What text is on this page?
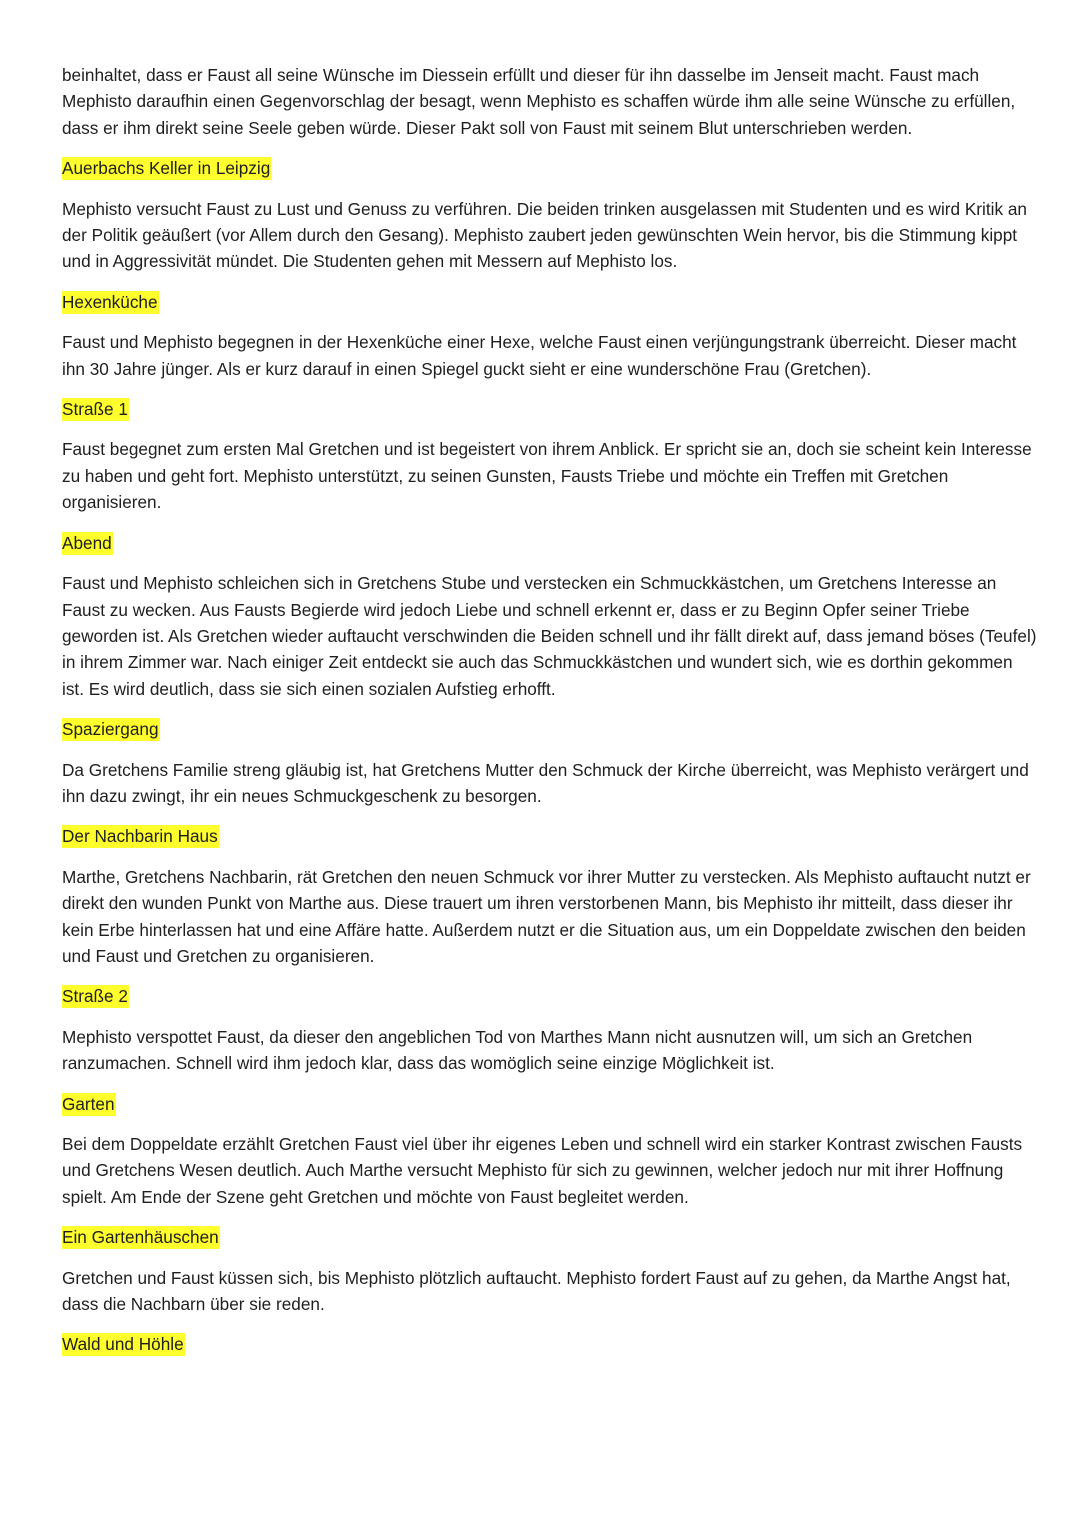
beinhaltet, dass er Faust all seine Wünsche im Diessein erfüllt und dieser für ihn dasselbe im Jenseit macht. Faust mach Mephisto daraufhin einen Gegenvorschlag der besagt, wenn Mephisto es schaffen würde ihm alle seine Wünsche zu erfüllen, dass er ihm direkt seine Seele geben würde. Dieser Pakt soll von Faust mit seinem Blut unterschrieben werden.

Auerbachs Keller in Leipzig

Mephisto versucht Faust zu Lust und Genuss zu verführen. Die beiden trinken ausgelassen mit Studenten und es wird Kritik an der Politik geäußert (vor Allem durch den Gesang). Mephisto zaubert jeden gewünschten Wein hervor, bis die Stimmung kippt und in Aggressivität mündet. Die Studenten gehen mit Messern auf Mephisto los.

Hexenküche

Faust und Mephisto begegnen in der Hexenküche einer Hexe, welche Faust einen verjüngungstrank überreicht. Dieser macht ihn 30 Jahre jünger. Als er kurz darauf in einen Spiegel guckt sieht er eine wunderschöne Frau (Gretchen).

Straße 1

Faust begegnet zum ersten Mal Gretchen und ist begeistert von ihrem Anblick. Er spricht sie an, doch sie scheint kein Interesse zu haben und geht fort. Mephisto unterstützt, zu seinen Gunsten, Fausts Triebe und möchte ein Treffen mit Gretchen organisieren.

Abend

Faust und Mephisto schleichen sich in Gretchens Stube und verstecken ein Schmuckkästchen, um Gretchens Interesse an Faust zu wecken. Aus Fausts Begierde wird jedoch Liebe und schnell erkennt er, dass er zu Beginn Opfer seiner Triebe geworden ist. Als Gretchen wieder auftaucht verschwinden die Beiden schnell und ihr fällt direkt auf, dass jemand böses (Teufel) in ihrem Zimmer war. Nach einiger Zeit entdeckt sie auch das Schmuckkästchen und wundert sich, wie es dorthin gekommen ist. Es wird deutlich, dass sie sich einen sozialen Aufstieg erhofft.

Spaziergang

Da Gretchens Familie streng gläubig ist, hat Gretchens Mutter den Schmuck der Kirche überreicht, was Mephisto verärgert und ihn dazu zwingt, ihr ein neues Schmuckgeschenk zu besorgen.

Der Nachbarin Haus

Marthe, Gretchens Nachbarin, rät Gretchen den neuen Schmuck vor ihrer Mutter zu verstecken. Als Mephisto auftaucht nutzt er direkt den wunden Punkt von Marthe aus. Diese trauert um ihren verstorbenen Mann, bis Mephisto ihr mitteilt, dass dieser ihr kein Erbe hinterlassen hat und eine Affäre hatte. Außerdem nutzt er die Situation aus, um ein Doppeldate zwischen den beiden und Faust und Gretchen zu organisieren.

Straße 2

Mephisto verspottet Faust, da dieser den angeblichen Tod von Marthes Mann nicht ausnutzen will, um sich an Gretchen ranzumachen. Schnell wird ihm jedoch klar, dass das womöglich seine einzige Möglichkeit ist.

Garten

Bei dem Doppeldate erzählt Gretchen Faust viel über ihr eigenes Leben und schnell wird ein starker Kontrast zwischen Fausts und Gretchens Wesen deutlich. Auch Marthe versucht Mephisto für sich zu gewinnen, welcher jedoch nur mit ihrer Hoffnung spielt. Am Ende der Szene geht Gretchen und möchte von Faust begleitet werden.

Ein Gartenhäuschen

Gretchen und Faust küssen sich, bis Mephisto plötzlich auftaucht. Mephisto fordert Faust auf zu gehen, da Marthe Angst hat, dass die Nachbarn über sie reden.

Wald und Höhle
